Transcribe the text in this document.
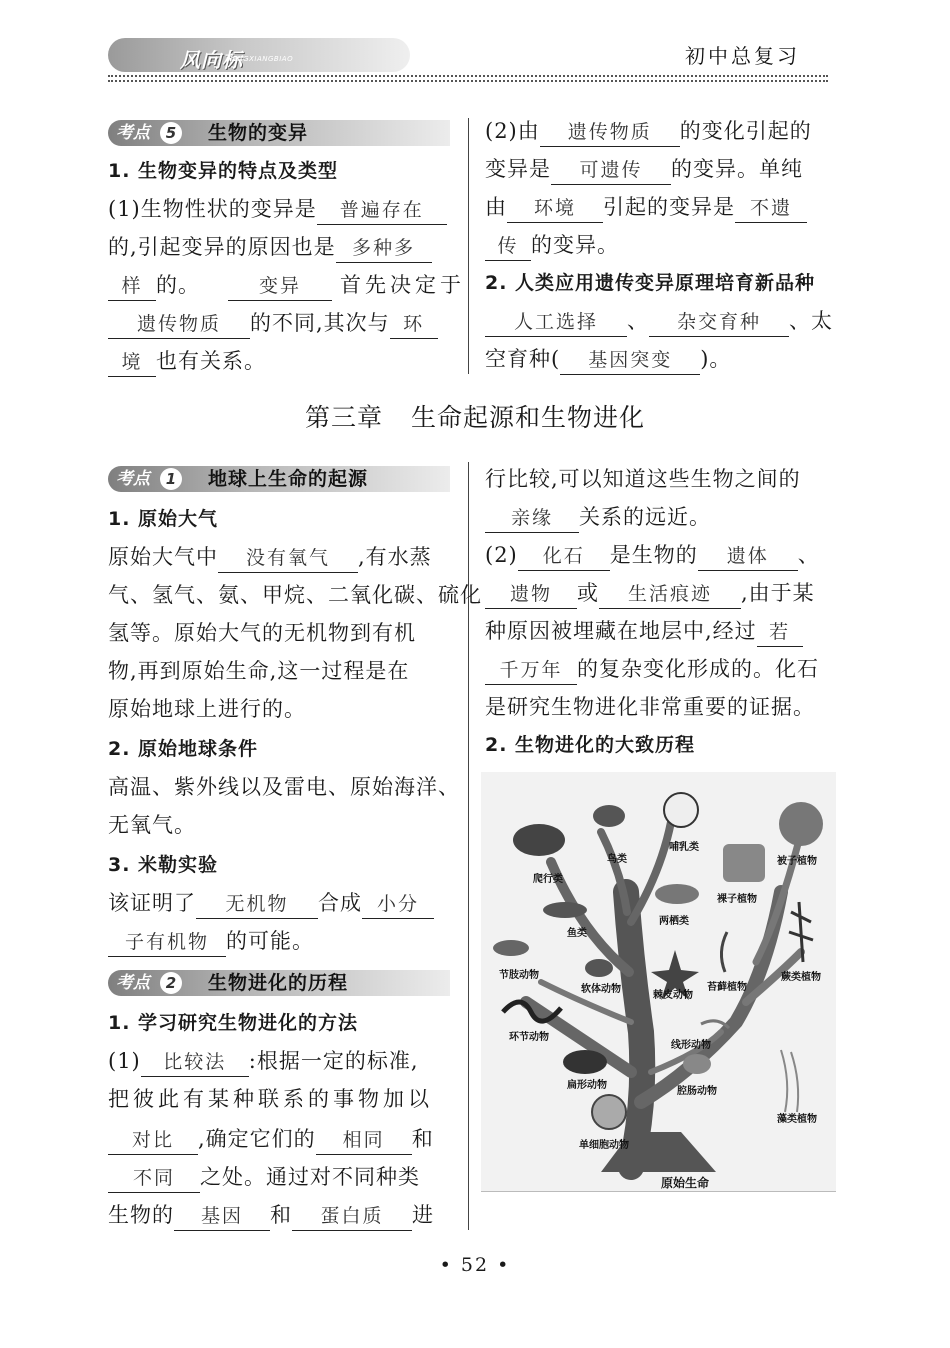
风向标
FENGXIANGBIAO	初中总复习
考点	5	生物的变异
1. 生物变异的特点及类型
(1)生物性状的变异是 普遍存在
的,引起变异的原因也是 多种多
样 的。	变异 首先决定于
遗传物质 的不同,其次与 环
境 也有关系。
(2)由 遗传物质 的变化引起的
变异是 可遗传 的变异。单纯
由 环境 引起的变异是 不遗
传 的变异。
2. 人类应用遗传变异原理培育新品种
人工选择 、 杂交育种 、太
空育种( 基因突变 )。
第三章 生命起源和生物进化
考点	1	地球上生命的起源
1. 原始大气
原始大气中 没有氧气 ,有水蒸
气、氢气、氨、甲烷、二氧化碳、硫化
氢等。原始大气的无机物到有机
物,再到原始生命,这一过程是在
原始地球上进行的。
2. 原始地球条件
高温、紫外线以及雷电、原始海洋、
无氧气。
3. 米勒实验
该证明了 无机物 合成 小分
子有机物 的可能。
考点	2	生物进化的历程
1. 学习研究生物进化的方法
(1) 比较法 :根据一定的标准,
把彼此有某种联系的事物加以
对比 ,确定它们的 相同 和
不同 之处。通过对不同种类
生物的 基因 和 蛋白质 进
行比较,可以知道这些生物之间的
亲缘 关系的远近。
(2) 化石 是生物的 遗体 、
遗物 或 生活痕迹 ,由于某
种原因被埋藏在地层中,经过 若
千万年 的复杂变化形成的。化石
是研究生物进化非常重要的证据。
2. 生物进化的大致历程
鸟类
哺乳类
爬行类
被子植物
裸子植物
两栖类
鱼类
节肢动物
软体动物
棘皮动物
苔藓植物
蕨类植物
环节动物
线形动物
扁形动物
腔肠动物
藻类植物
单细胞动物
原始生命
• 52 •
